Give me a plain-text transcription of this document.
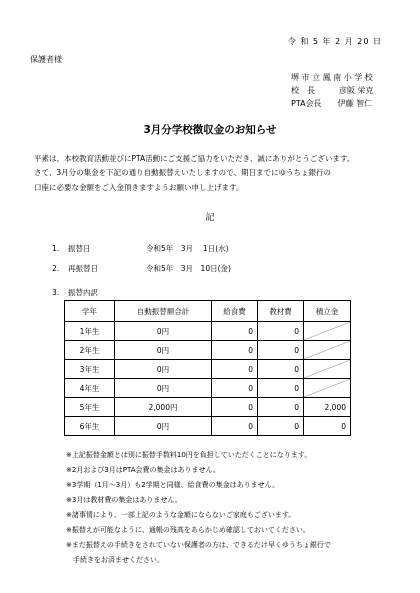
令 和 5 年 2 月 20 日
保護者様
堺 市 立 鳳 南 小 学 校
校　長　　　彦阪 栄克
PTA会長　　伊藤 智仁
3月分学校徴収金のお知らせ
平素は、本校教育活動並びにPTA活動にご支援ご協力をいただき、誠にありがとうございます。
さて、3月分の集金を下記の通り自動振替えいたしますので、期日までにゆうちょ銀行の
口座に必要な金額をご入金頂きますようお願い申し上げます。
記
1. 振替日	令和5年　3月　 1日(水)
2. 再振替日	令和5年　3月　10日(金)
3. 振替内訳
学年	自動振替額合計	給食費	教材費	積立金
1年生	0円	0	0	

2年生	0円	0	0	

3年生	0円	0	0	

4年生	0円	0	0	

5年生	2,000円	0	0	2,000
6年生	0円	0	0	0
※上記振替金額とは別に振替手数料10円を負担していただくことになります。
※2月および3月はPTA会費の集金はありません。
※3学期（1月～3月）も2学期と同様、給食費の集金はありません。
※3月は教材費の集金はありません。
※諸事情により、一部上記のような金額にならないご家庭もございます。
※振替えが可能なように、通帳の残高をあらかじめ確認しておいてください。
※まだ振替えの手続きをされていない保護者の方は、できるだけ早くゆうちょ銀行で
　手続きをお済ませください。
